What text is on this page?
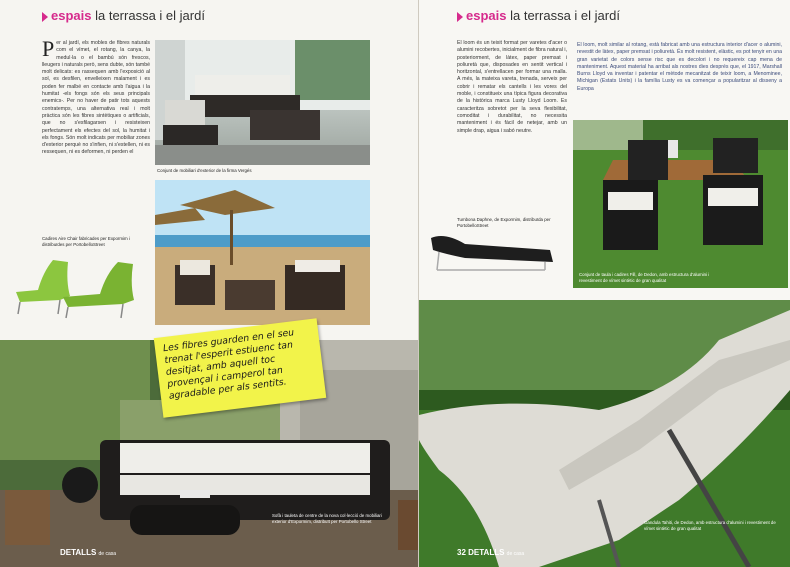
espais la terrassa i el jardí
Per al jardí, els mobles de fibres naturals com el vímet, el rotang, la canya, la medul·la o el bambú són frescos, lleugers i naturals però, sens dubte, són també molt delicats: es rassequen amb l'exposició al sol, es desfilen, envelleixen malament i es poden fer malbé en contacte amb l'aigua i la humitat -els fongs són els seus principals enemics-. Per no haver de patir tots aquests contratemps, una alternativa real i molt pràctica són les fibres sintètiques o artificials, que no s'esfilagarsen i resisteixen perfectament els efectes del sol, la humitat i els fongs. Són molt indicats per mobiliar zones d'exterior perquè no s'infien, ni s'estellen, ni es ressequen, ni es deformen, ni perden el
Conjunt de mobiliari d'exterior de la firma Vergés
Cadires Aire Chair fabricades per Expormim i distribuïdes per PortobelloStreet
Sofà i tauleta de centre de la nova col·lecció de mobiliari exterior d'Expormim, distribuït per Portobello Street
DETALLS de casa
Les fibres guarden en el seu trenat l'esperit estiuenc tan desitjat, amb aquell toc provençal i camperol tan agradable per als sentits.
espais la terrassa i el jardí
El loom és un teixit format per varetes d'acer o alumini recobertes, inicialment de fibra natural i, posteriorment, de làtex, paper premsat i poliuretà que, disposades en sentit vertical i horitzontal, s'entrellacen per formar una malla. A més, la mateixa vareta, trenada, serveix per cobrir i rematar els cantells i les vores del moble, i constitueix una típica figura decorativa de la històrica marca Lusty Lloyd Loom. Es caracteritza sobretot per la seva flexibilitat, comoditat i durabilitat, no necessita manteniment i és fàcil de netejar, amb un simple drap, aigua i sabó neutre.
El loom, molt similar al rotang, està fabricat amb una estructura interior d'acer o alumini, revestit de làtex, paper premsat i poliuretà. És molt resistent, elàstic, es pot tenyir en una gran varietat de colors sense risc que es decolori i no requereix cap mena de manteniment. Aquest material ha arribat als nostres dies després que, el 1917, Marshall Burns Lloyd va inventar i patentar el mètode mecanitzat de teixir loom, a Menominee, Michigan (Estats Units) i la família Lusty es va començar a popularitzar al disseny a Europa
Tumbona Daphne, de Expormim, distribuïda per PortobelloStreet
Conjunt de taula i cadires Fill, de Dedon, amb estructura d'alumini i revestiment de vímet sintètic de gran qualitat
Gandula Tahiti, de Dedon, amb estructura d'alumini i revestiment de vímet sintètic de gran qualitat
32 DETALLS de casa
